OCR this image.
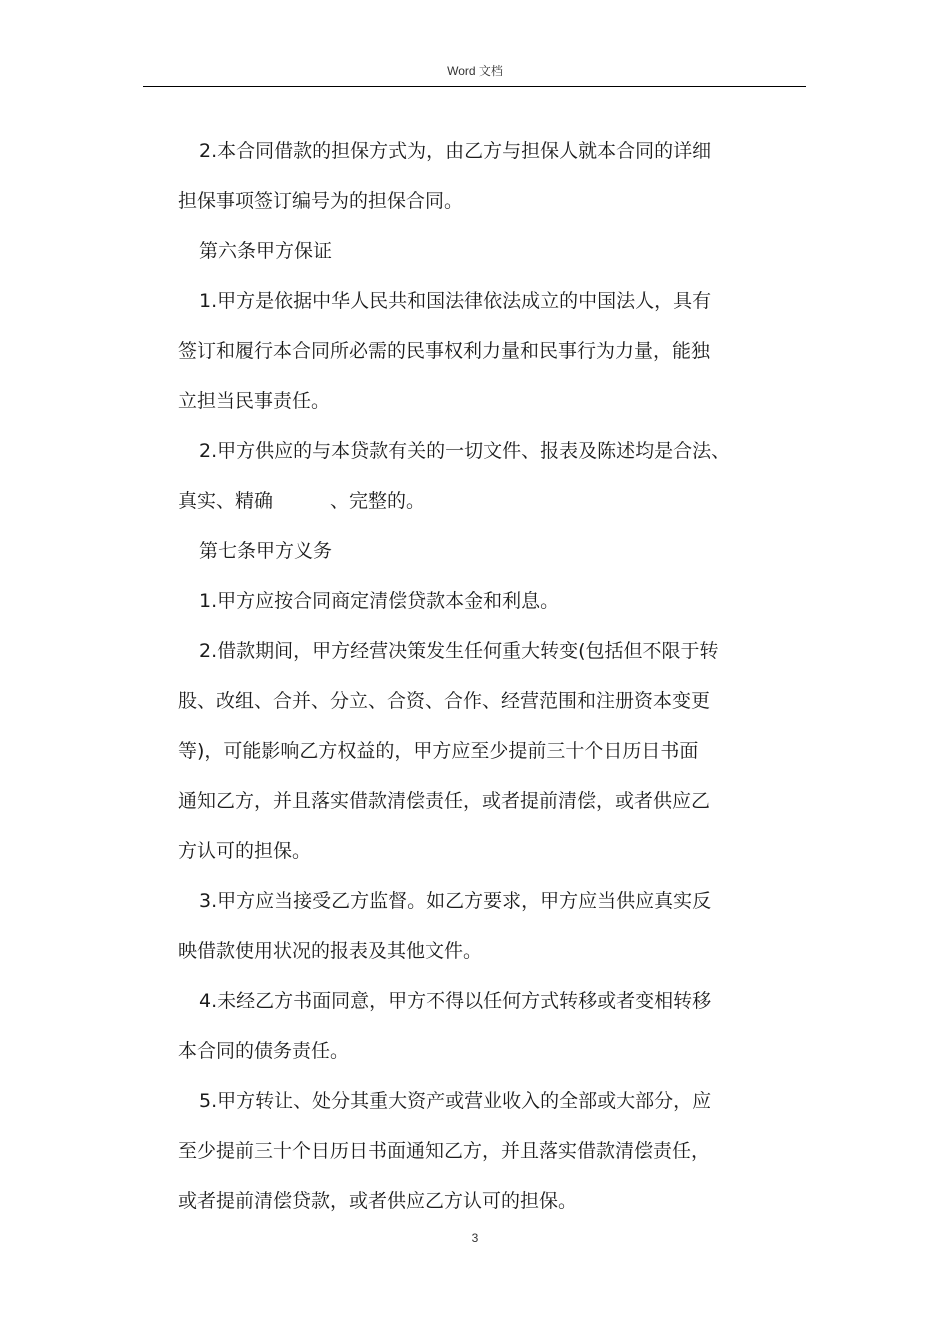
Word 文档

2.本合同借款的担保方式为，由乙方与担保人就本合同的详细

担保事项签订编号为的担保合同。

第六条甲方保证

1.甲方是依据中华人民共和国法律依法成立的中国法人，具有

签订和履行本合同所必需的民事权利力量和民事行为力量，能独

立担当民事责任。

2.甲方供应的与本贷款有关的一切文件、报表及陈述均是合法、

真实、精确　　　、完整的。

第七条甲方义务

1.甲方应按合同商定清偿贷款本金和利息。

2.借款期间，甲方经营决策发生任何重大转变(包括但不限于转

股、改组、合并、分立、合资、合作、经营范围和注册资本变更

等)，可能影响乙方权益的，甲方应至少提前三十个日历日书面

通知乙方，并且落实借款清偿责任，或者提前清偿，或者供应乙

方认可的担保。

3.甲方应当接受乙方监督。如乙方要求，甲方应当供应真实反

映借款使用状况的报表及其他文件。

4.未经乙方书面同意，甲方不得以任何方式转移或者变相转移

本合同的债务责任。

5.甲方转让、处分其重大资产或营业收入的全部或大部分，应

至少提前三十个日历日书面通知乙方，并且落实借款清偿责任，

或者提前清偿贷款，或者供应乙方认可的担保。

3
